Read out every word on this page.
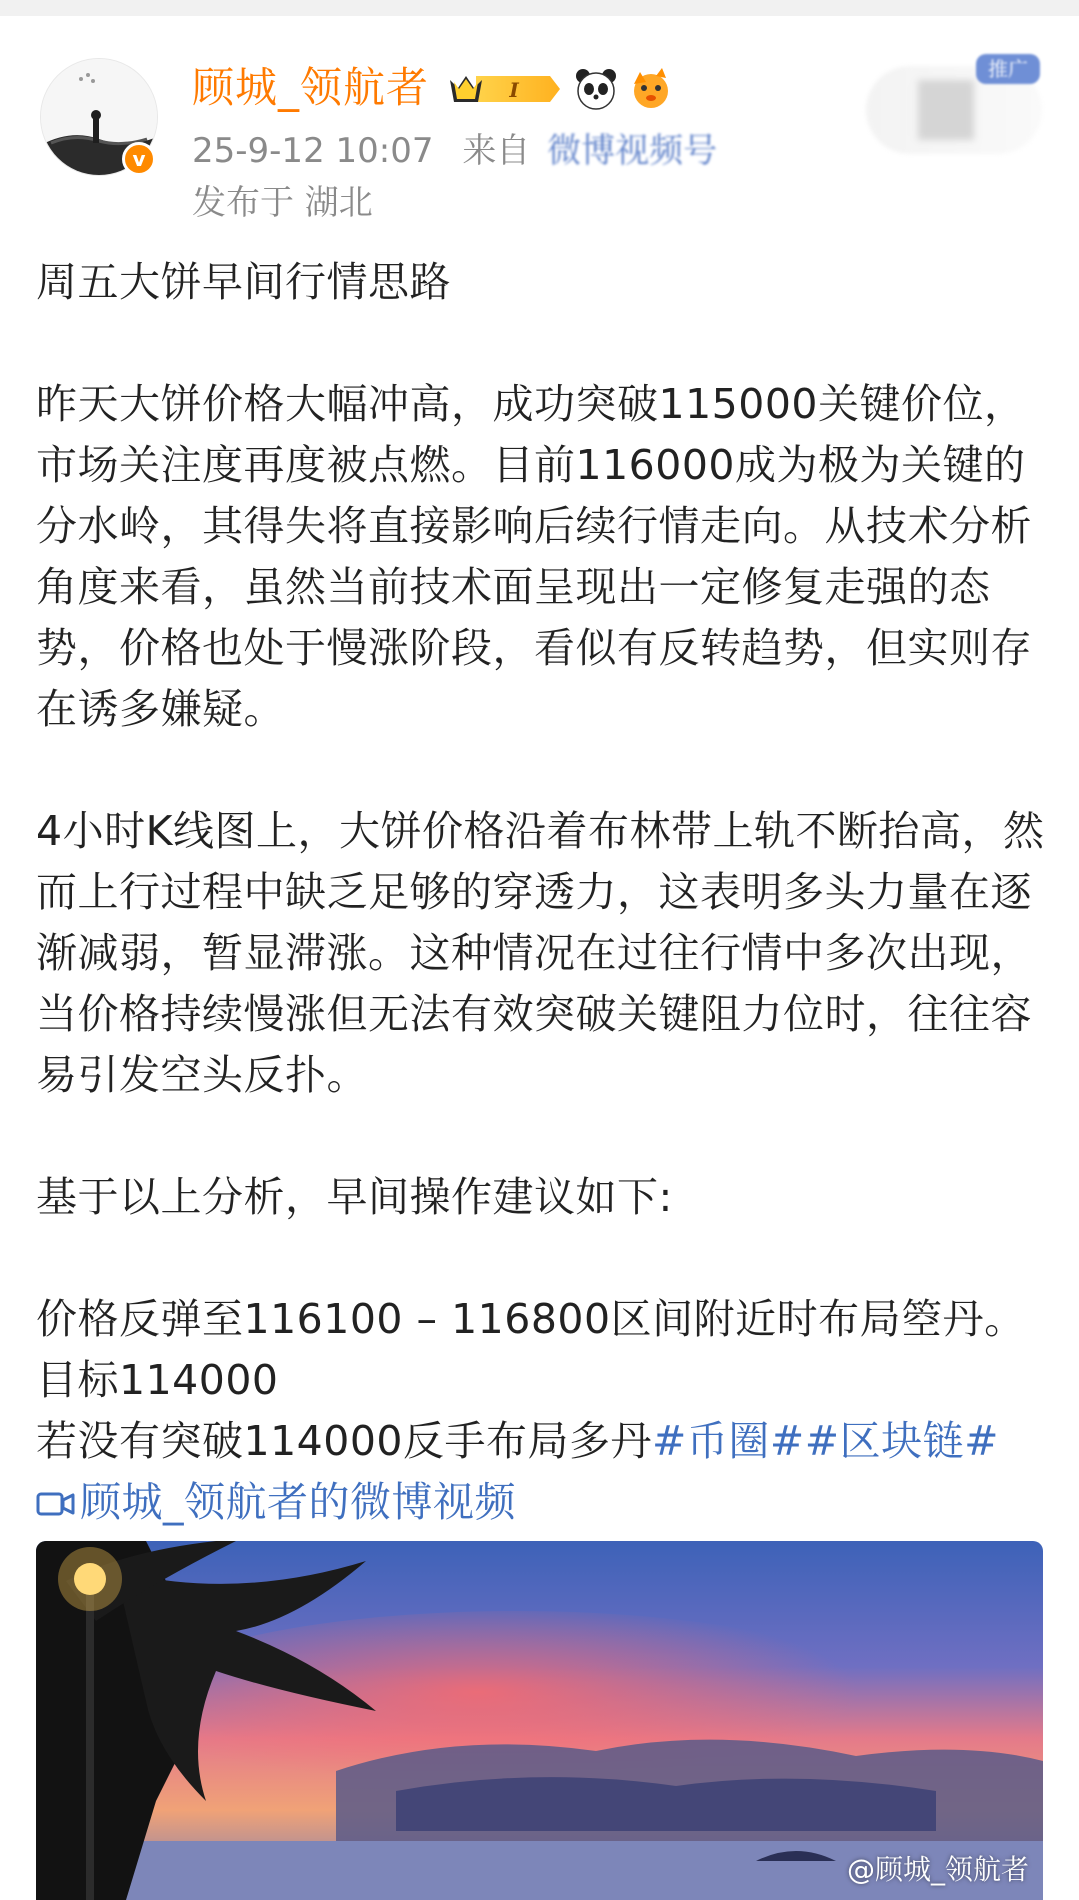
v
顾城_领航者	I
25-9-12 10:07 来自 微博视频号
发布于 湖北
推广

周五大饼早间行情思路

昨天大饼价格大幅冲高，成功突破115000关键价位，市场关注度再度被点燃。目前116000成为极为关键的分水岭，其得失将直接影响后续行情走向。从技术分析角度来看，虽然当前技术面呈现出一定修复走强的态势，价格也处于慢涨阶段，看似有反转趋势，但实则存在诱多嫌疑。

4小时K线图上，大饼价格沿着布林带上轨不断抬高，然而上行过程中缺乏足够的穿透力，这表明多头力量在逐渐减弱，暂显滞涨。这种情况在过往行情中多次出现，当价格持续慢涨但无法有效突破关键阻力位时，往往容易引发空头反扑。

基于以上分析，早间操作建议如下:

价格反弹至116100 – 116800区间附近时布局箜丹。目标114000

若没有突破114000反手布局多丹#币圈##区块链#

顾城_领航者的微博视频

@顾城_领航者
